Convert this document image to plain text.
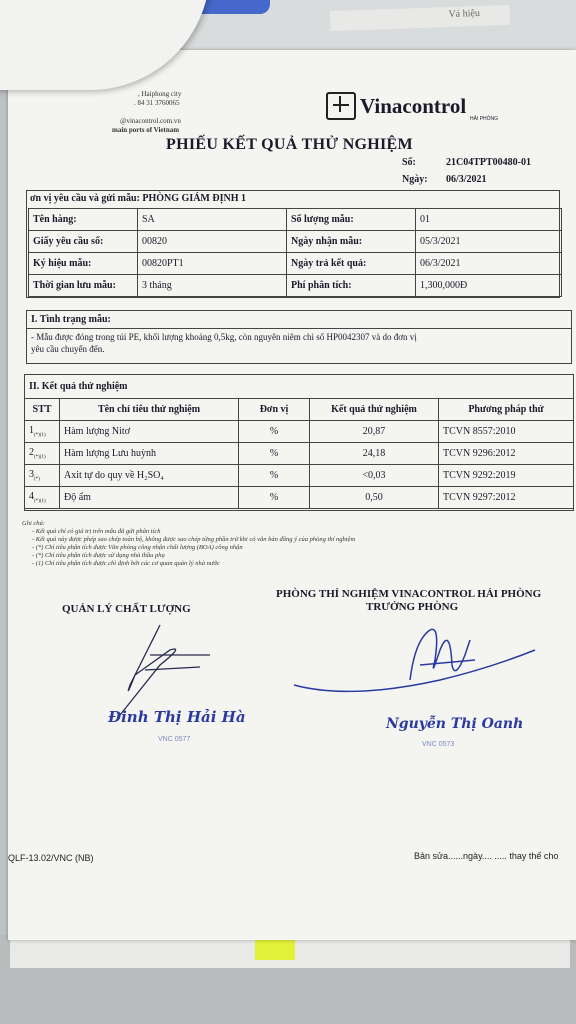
Vá hiệu
, Haiphong city
. 84 31 3760065
@vinacontrol.com.vn
main ports of Vietnam
Vinacontrol
HẢI PHÒNG
PHIẾU KẾT QUẢ THỬ NGHIỆM
Số:	21C04TPT00480-01
Ngày: 06/3/2021
ơn vị yêu cầu và gửi mẫu: PHÒNG GIÁM ĐỊNH 1
Tên hàng:	SA	Số lượng mẫu:	01
Giấy yêu cầu số:	00820	Ngày nhận mẫu:	05/3/2021
Ký hiệu mẫu:	00820PT1	Ngày trả kết quả:	06/3/2021
Thời gian lưu mẫu:	3 tháng	Phí phân tích:	1,300,000Đ
I. Tình trạng mẫu:
- Mẫu được đóng trong túi PE, khối lượng khoảng 0,5kg, còn nguyên niêm chì số HP0042307 và do đơn vị
yêu cầu chuyển đến.
II. Kết quả thử nghiệm
STT	Tên chỉ tiêu thử nghiệm	Đơn vị	Kết quả thử nghiệm	Phương pháp thử
$1_{(*)(1)}$	Hàm lượng Nitơ	%	20,87	TCVN 8557:2010
$2_{(*)(1)}$	Hàm lượng Lưu huỳnh	%	24,18	TCVN 9296:2012
$3_{(*)}$	Axit tự do quy về H₂SO₄	%	<0,03	TCVN 9292:2019
$4_{(*)(1)}$	Độ ẩm	%	0,50	TCVN 9297:2012
Ghi chú:
- Kết quả chỉ có giá trị trên mẫu đã gửi phân tích
- Kết quả này được phép sao chép toàn bộ, không được sao chép từng phần trừ khi có văn bản đồng ý của phòng thí nghiệm
- (*) Chỉ tiêu phân tích được Văn phòng công nhận chất lượng (BOA) công nhận
- (*) Chỉ tiêu phân tích được sử dụng nhà thầu phụ
- (1) Chỉ tiêu phân tích được chỉ định bởi các cơ quan quản lý nhà nước
QUẢN LÝ CHẤT LƯỢNG
PHÒNG THÍ NGHIỆM VINACONTROL HẢI PHÒNG
TRƯỞNG PHÒNG
Đinh Thị Hải Hà
VNC 0577
Nguyễn Thị Oanh
VNC 0573
QLF-13.02/VNC (NB)	Bản sửa......ngày.... ..... thay thế cho
